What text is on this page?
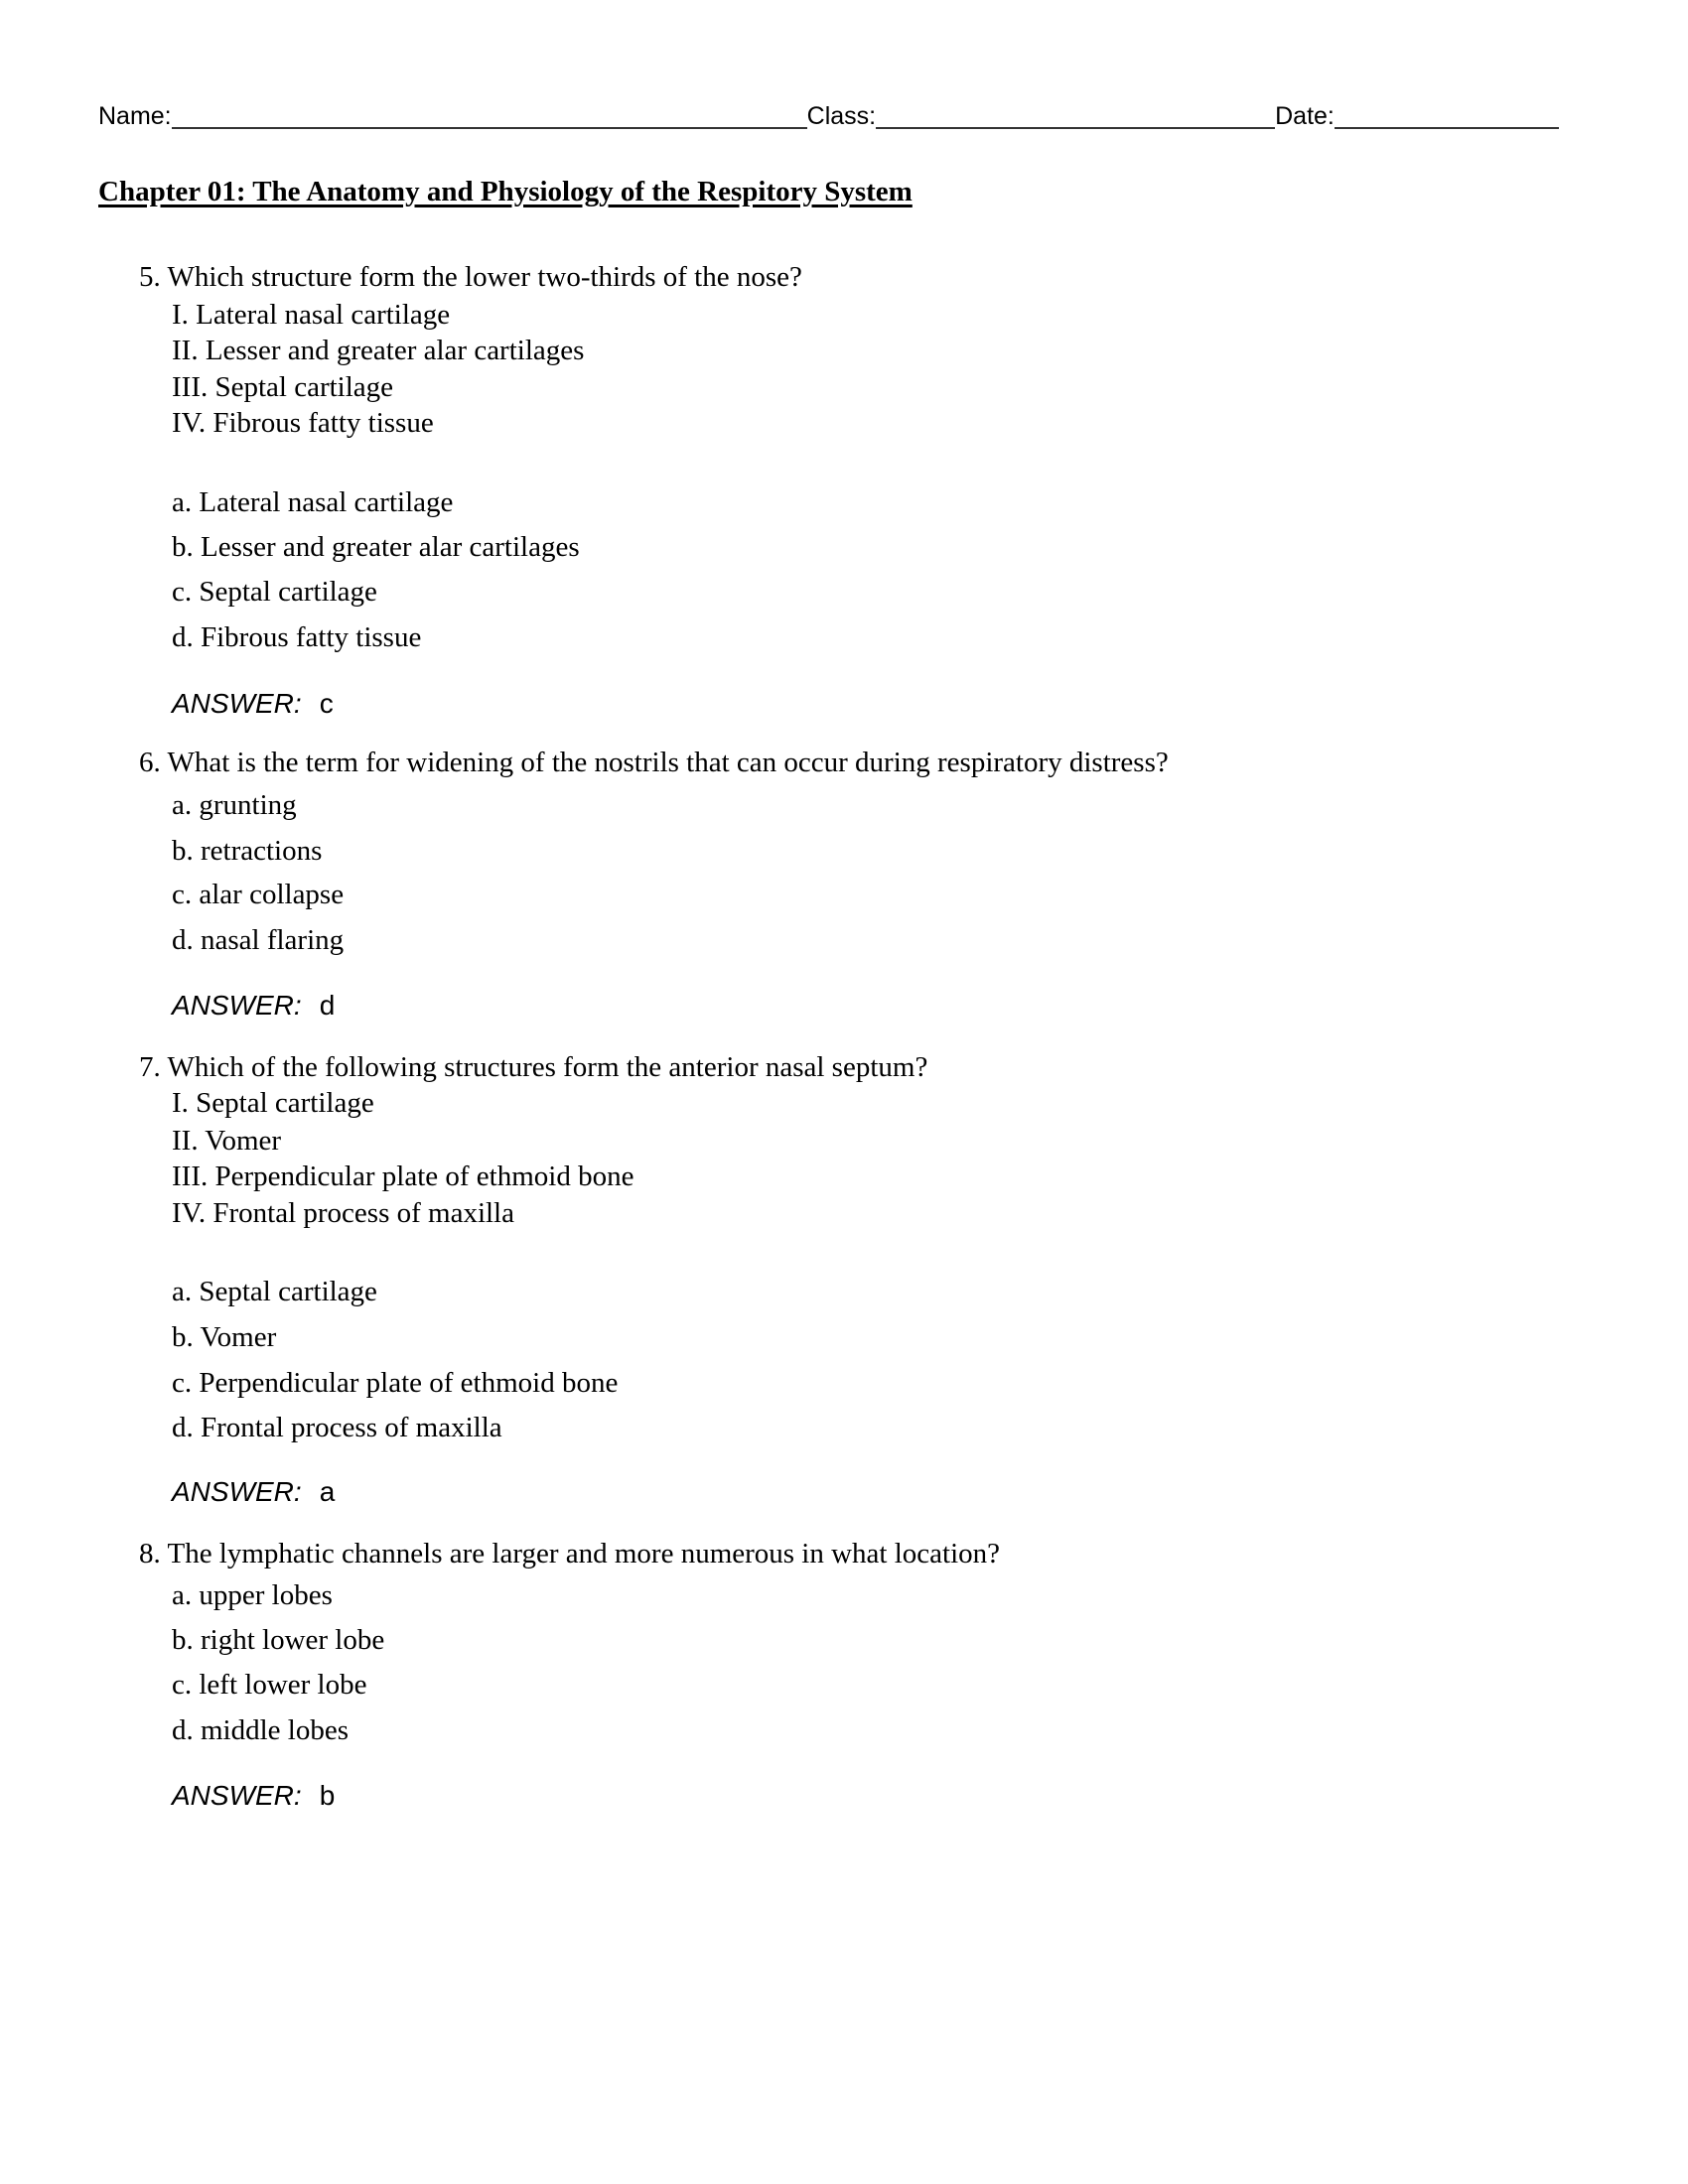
Name:	Class:	Date:
Chapter 01: The Anatomy and Physiology of the Respitory System
5. Which structure form the lower two-thirds of the nose?
I. Lateral nasal cartilage
II. Lesser and greater alar cartilages
III. Septal cartilage
IV. Fibrous fatty tissue
a. Lateral nasal cartilage
b. Lesser and greater alar cartilages
c. Septal cartilage
d. Fibrous fatty tissue
ANSWER: c
6. What is the term for widening of the nostrils that can occur during respiratory distress?
a. grunting
b. retractions
c. alar collapse
d. nasal flaring
ANSWER: d
7. Which of the following structures form the anterior nasal septum?
I. Septal cartilage
II. Vomer
III. Perpendicular plate of ethmoid bone
IV. Frontal process of maxilla
a. Septal cartilage
b. Vomer
c. Perpendicular plate of ethmoid bone
d. Frontal process of maxilla
ANSWER: a
8. The lymphatic channels are larger and more numerous in what location?
a. upper lobes
b. right lower lobe
c. left lower lobe
d. middle lobes
ANSWER: b
